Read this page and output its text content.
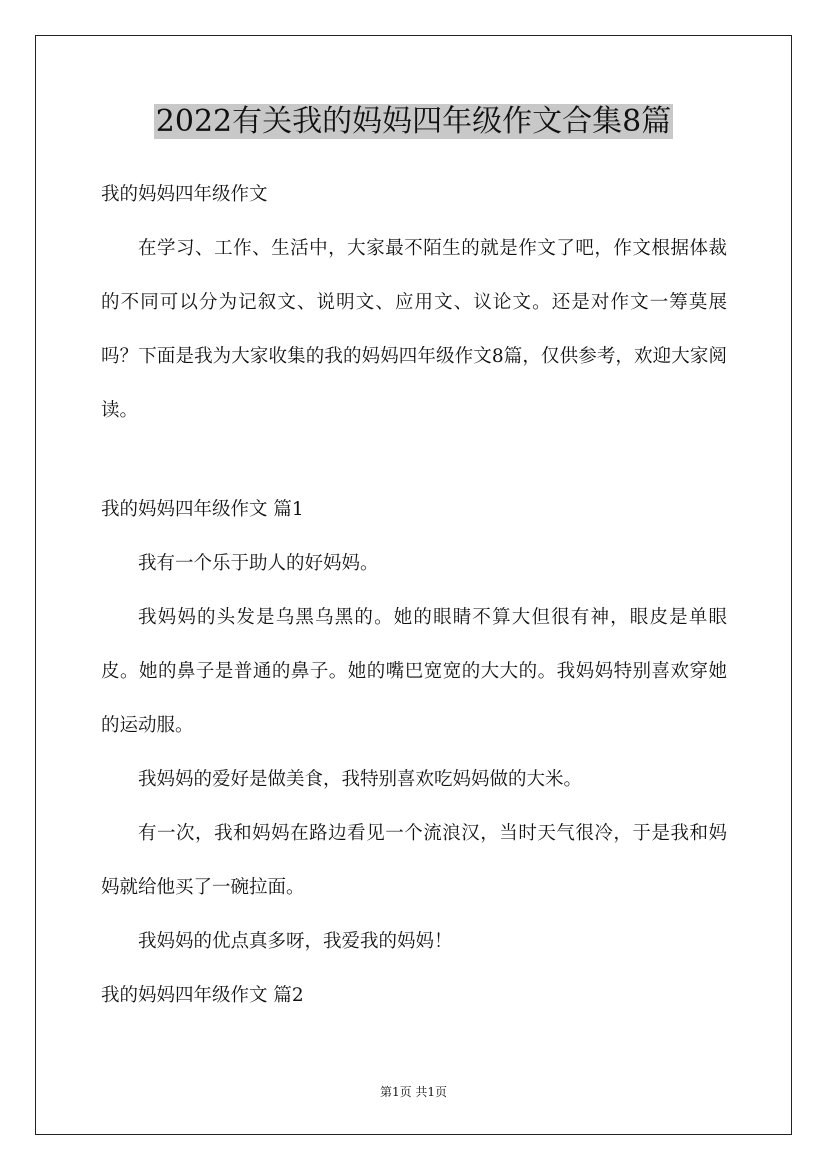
2022有关我的妈妈四年级作文合集8篇

我的妈妈四年级作文

在学习、工作、生活中，大家最不陌生的就是作文了吧，作文根据体裁的不同可以分为记叙文、说明文、应用文、议论文。还是对作文一筹莫展吗？下面是我为大家收集的我的妈妈四年级作文8篇，仅供参考，欢迎大家阅读。

我的妈妈四年级作文 篇1

我有一个乐于助人的好妈妈。

我妈妈的头发是乌黑乌黑的。她的眼睛不算大但很有神，眼皮是单眼皮。她的鼻子是普通的鼻子。她的嘴巴宽宽的大大的。我妈妈特别喜欢穿她的运动服。

我妈妈的爱好是做美食，我特别喜欢吃妈妈做的大米。

有一次，我和妈妈在路边看见一个流浪汉，当时天气很冷，于是我和妈妈就给他买了一碗拉面。

我妈妈的优点真多呀，我爱我的妈妈！

我的妈妈四年级作文 篇2

第1页 共1页
